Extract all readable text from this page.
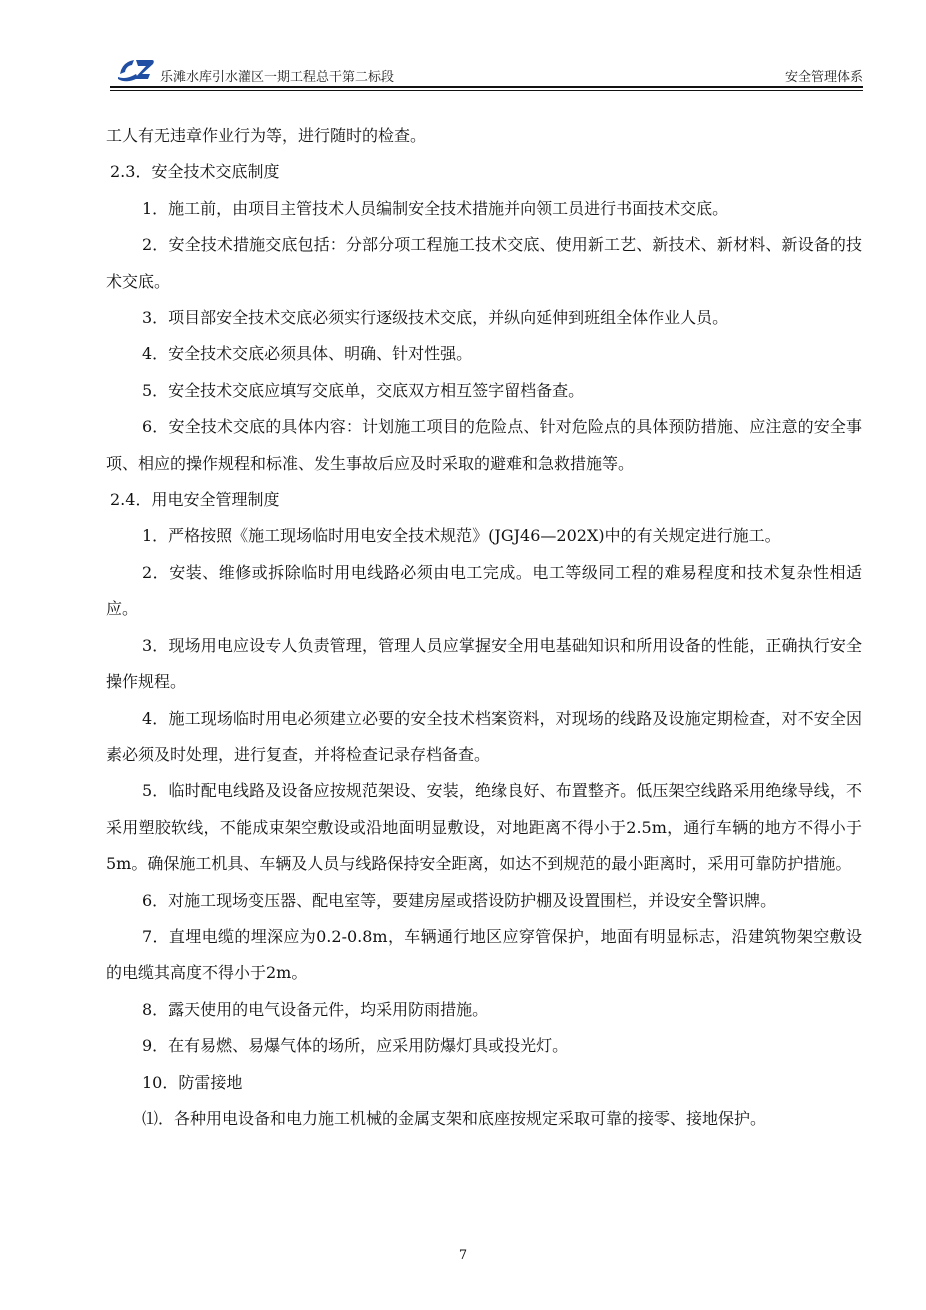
乐滩水库引水灌区一期工程总干第二标段	安全管理体系

工人有无违章作业行为等，进行随时的检查。

2.3．安全技术交底制度

1．施工前，由项目主管技术人员编制安全技术措施并向领工员进行书面技术交底。

2．安全技术措施交底包括：分部分项工程施工技术交底、使用新工艺、新技术、新材料、新设备的技术交底。

3．项目部安全技术交底必须实行逐级技术交底，并纵向延伸到班组全体作业人员。

4．安全技术交底必须具体、明确、针对性强。

5．安全技术交底应填写交底单，交底双方相互签字留档备查。

6．安全技术交底的具体内容：计划施工项目的危险点、针对危险点的具体预防措施、应注意的安全事项、相应的操作规程和标准、发生事故后应及时采取的避难和急救措施等。

2.4．用电安全管理制度

1．严格按照《施工现场临时用电安全技术规范》(JGJ46—202X)中的有关规定进行施工。

2．安装、维修或拆除临时用电线路必须由电工完成。电工等级同工程的难易程度和技术复杂性相适应。

3．现场用电应设专人负责管理，管理人员应掌握安全用电基础知识和所用设备的性能，正确执行安全操作规程。

4．施工现场临时用电必须建立必要的安全技术档案资料，对现场的线路及设施定期检查，对不安全因素必须及时处理，进行复查，并将检查记录存档备查。

5．临时配电线路及设备应按规范架设、安装，绝缘良好、布置整齐。低压架空线路采用绝缘导线，不采用塑胶软线，不能成束架空敷设或沿地面明显敷设，对地距离不得小于2.5m，通行车辆的地方不得小于5m。确保施工机具、车辆及人员与线路保持安全距离，如达不到规范的最小距离时，采用可靠防护措施。

6．对施工现场变压器、配电室等，要建房屋或搭设防护棚及设置围栏，并设安全警识牌。

7．直埋电缆的埋深应为0.2-0.8m，车辆通行地区应穿管保护，地面有明显标志，沿建筑物架空敷设的电缆其高度不得小于2m。

8．露天使用的电气设备元件，均采用防雨措施。

9．在有易燃、易爆气体的场所，应采用防爆灯具或投光灯。

10．防雷接地

⑴．各种用电设备和电力施工机械的金属支架和底座按规定采取可靠的接零、接地保护。

7
